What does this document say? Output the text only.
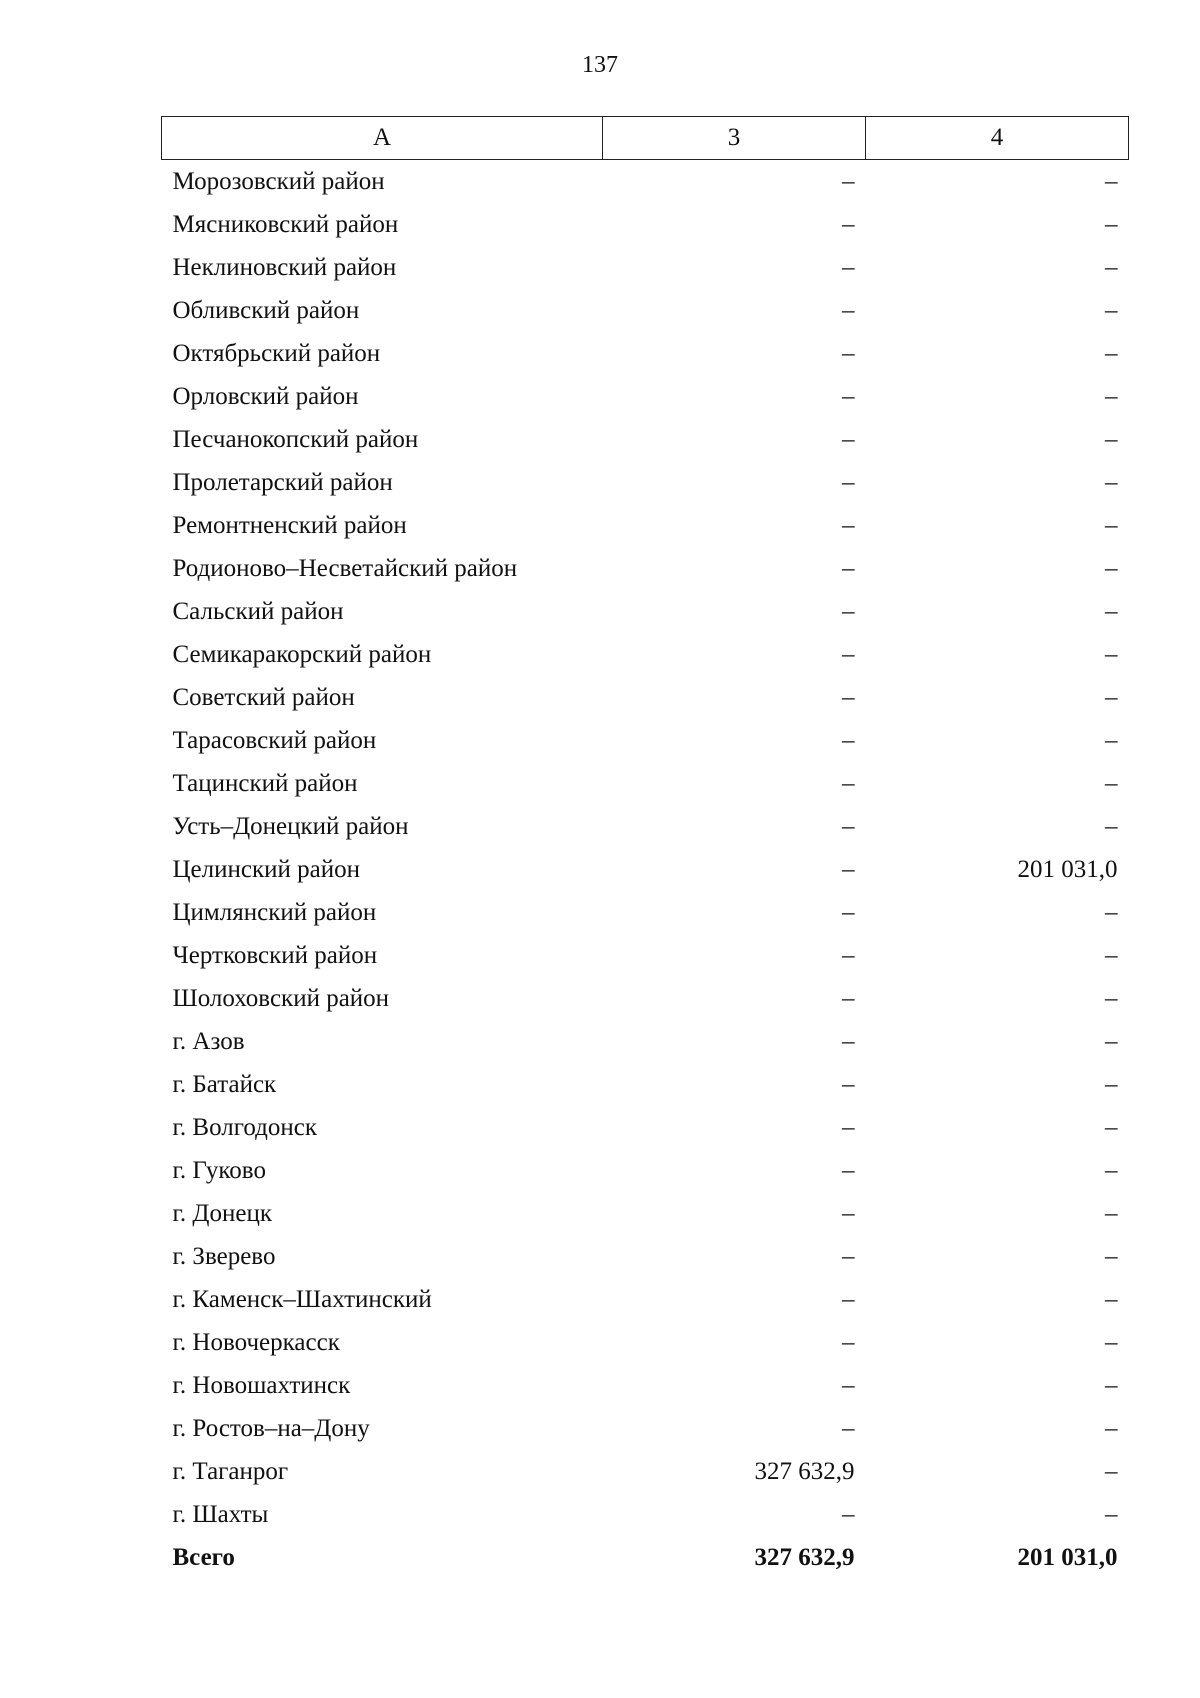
137
А	3	4
Морозовский район	–	–
Мясниковский район	–	–
Неклиновский район	–	–
Обливский район	–	–
Октябрьский район	–	–
Орловский район	–	–
Песчанокопский район	–	–
Пролетарский район	–	–
Ремонтненский район	–	–
Родионово–Несветайский район	–	–
Сальский район	–	–
Семикаракорский район	–	–
Советский район	–	–
Тарасовский район	–	–
Тацинский район	–	–
Усть–Донецкий район	–	–
Целинский район	–	201 031,0
Цимлянский район	–	–
Чертковский район	–	–
Шолоховский район	–	–
г. Азов	–	–
г. Батайск	–	–
г. Волгодонск	–	–
г. Гуково	–	–
г. Донецк	–	–
г. Зверево	–	–
г. Каменск–Шахтинский	–	–
г. Новочеркасск	–	–
г. Новошахтинск	–	–
г. Ростов–на–Дону	–	–
г. Таганрог	327 632,9	–
г. Шахты	–	–
Всего	327 632,9	201 031,0
